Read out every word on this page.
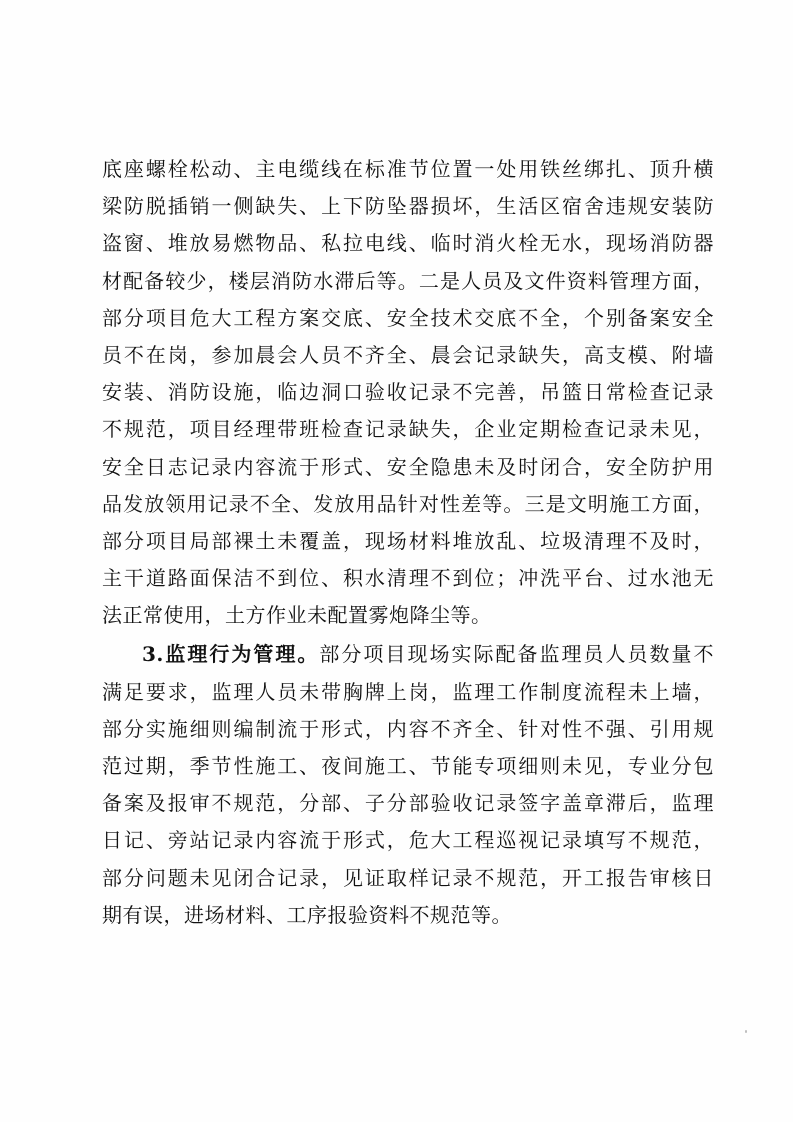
底座螺栓松动、主电缆线在标准节位置一处用铁丝绑扎、顶升横
梁防脱插销一侧缺失、上下防坠器损坏，生活区宿舍违规安装防
盗窗、堆放易燃物品、私拉电线、临时消火栓无水，现场消防器
材配备较少，楼层消防水滞后等。二是人员及文件资料管理方面，
部分项目危大工程方案交底、安全技术交底不全，个别备案安全
员不在岗，参加晨会人员不齐全、晨会记录缺失，高支模、附墙
安装、消防设施，临边洞口验收记录不完善，吊篮日常检查记录
不规范，项目经理带班检查记录缺失，企业定期检查记录未见，
安全日志记录内容流于形式、安全隐患未及时闭合，安全防护用
品发放领用记录不全、发放用品针对性差等。三是文明施工方面，
部分项目局部裸土未覆盖，现场材料堆放乱、垃圾清理不及时，
主干道路面保洁不到位、积水清理不到位；冲洗平台、过水池无
法正常使用，土方作业未配置雾炮降尘等。
3.监理行为管理。部分项目现场实际配备监理员人员数量不
满足要求，监理人员未带胸牌上岗，监理工作制度流程未上墙，
部分实施细则编制流于形式，内容不齐全、针对性不强、引用规
范过期，季节性施工、夜间施工、节能专项细则未见，专业分包
备案及报审不规范，分部、子分部验收记录签字盖章滞后，监理
日记、旁站记录内容流于形式，危大工程巡视记录填写不规范，
部分问题未见闭合记录，见证取样记录不规范，开工报告审核日
期有误，进场材料、工序报验资料不规范等。
